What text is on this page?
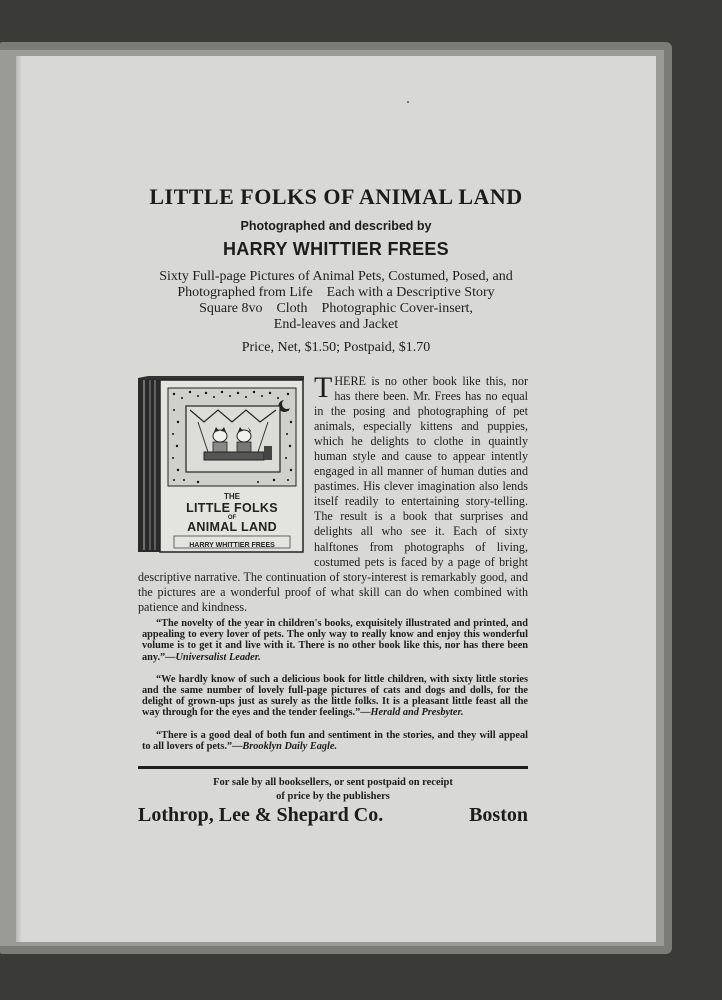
LITTLE FOLKS OF ANIMAL LAND

Photographed and described by

HARRY WHITTIER FREES

Sixty Full-page Pictures of Animal Pets, Costumed, Posed, and
Photographed from Life    Each with a Descriptive Story
Square 8vo    Cloth    Photographic Cover-insert,
End-leaves and Jacket

Price, Net, $1.50; Postpaid, $1.70

THE
LITTLE FOLKS
OF
ANIMAL LAND
HARRY WHITTIER FREES
THERE is no other book like this, nor has there been. Mr. Frees has no equal in the posing and photographing of pet animals, especially kittens and puppies, which he delights to clothe in quaintly human style and cause to appear intently engaged in all manner of human duties and pastimes. His clever imagination also lends itself readily to entertaining story-telling. The result is a book that surprises and delights all who see it. Each of sixty halftones from photographs of living, costumed pets is faced by a page of bright descriptive narrative. The continuation of story-interest is remarkably good, and the pictures are a wonderful proof of what skill can do when combined with patience and kindness.

“The novelty of the year in children's books, exquisitely illustrated and printed, and appealing to every lover of pets. The only way to really know and enjoy this wonderful volume is to get it and live with it. There is no other book like this, nor has there been any.”—Universalist Leader.

“We hardly know of such a delicious book for little children, with sixty little stories and the same number of lovely full-page pictures of cats and dogs and dolls, for the delight of grown-ups just as surely as the little folks. It is a pleasant little feast all the way through for the eyes and the tender feelings.”—Herald and Presbyter.

“There is a good deal of both fun and sentiment in the stories, and they will appeal to all lovers of pets.”—Brooklyn Daily Eagle.

For sale by all booksellers, or sent postpaid on receipt
of price by the publishers

Lothrop, Lee & Shepard Co.	Boston
